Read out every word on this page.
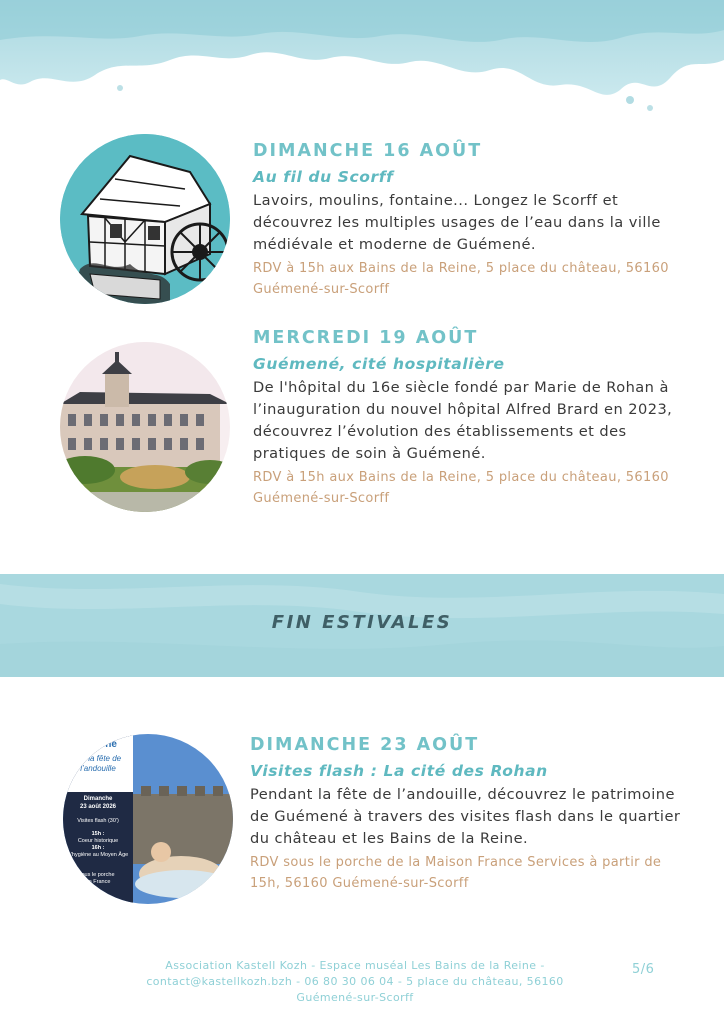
DIMANCHE 16 AOÛT
Au fil du Scorff

Lavoirs, moulins, fontaine... Longez le Scorff et découvrez les multiples usages de l’eau dans la ville médiévale et moderne de Guémené.

RDV à 15h aux Bains de la Reine, 5 place du château, 56160 Guémené-sur-Scorff

MERCREDI 19 AOÛT
Guémené, cité hospitalière

De l'hôpital du 16e siècle fondé par Marie de Rohan à l’inauguration du nouvel hôpital Alfred Brard en 2023, découvrez l’évolution des établissements et des pratiques de soin à Guémené.

RDV à 15h aux Bains de la Reine, 5 place du château, 56160 Guémené-sur-Scorff

FIN ESTIVALES
uéméné
ant la fête de
l’andouille
Dimanche
23 août 2026
Visites flash (30')
15h :
Coeur historique
16h :
L'hygiène au Moyen Âge
ous le porche
on France
DIMANCHE 23 AOÛT
Visites flash : La cité des Rohan

Pendant la fête de l’andouille, découvrez le patrimoine de Guémené à travers des visites flash dans le quartier du château et les Bains de la Reine.

RDV sous le porche de la Maison France Services à partir de 15h, 56160 Guémené-sur-Scorff

Association Kastell Kozh - Espace muséal Les Bains de la Reine -
contact@kastellkozh.bzh - 06 80 30 06 04 - 5 place du château, 56160
Guémené-sur-Scorff
5/6
